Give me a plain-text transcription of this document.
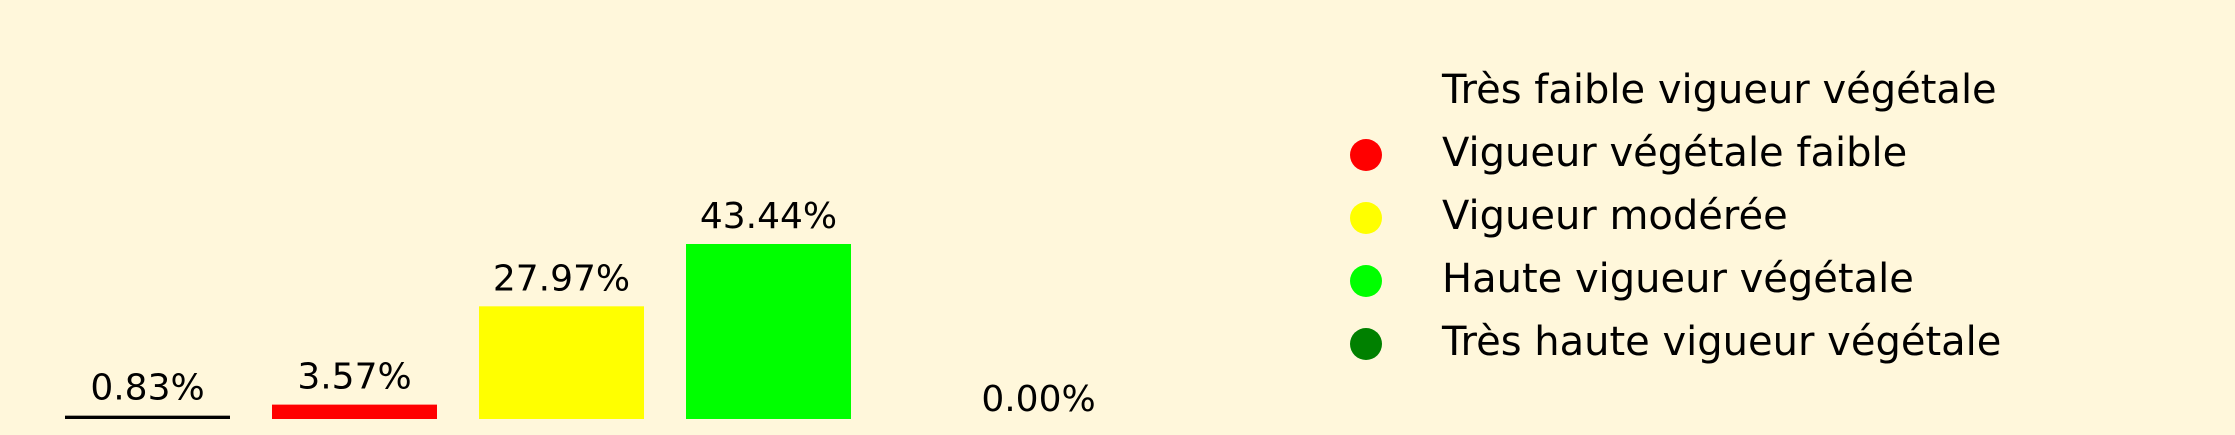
0.83%	3.57%
27.97%
43.44%
0.00%
Très faible vigueur végétale
Vigueur végétale faible
Vigueur modérée
Haute vigueur végétale
Très haute vigueur végétale
